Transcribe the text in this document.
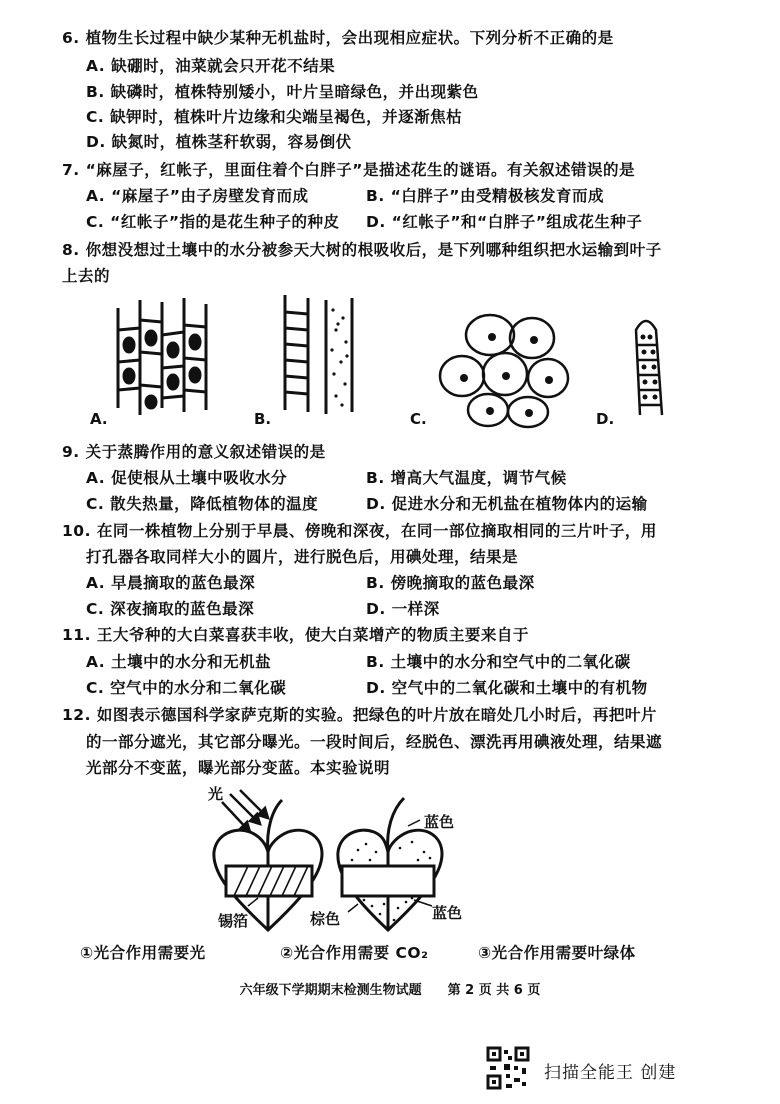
6. 植物生长过程中缺少某种无机盐时，会出现相应症状。下列分析不正确的是
A. 缺硼时，油菜就会只开花不结果
B. 缺磷时，植株特别矮小，叶片呈暗绿色，并出现紫色
C. 缺钾时，植株叶片边缘和尖端呈褐色，并逐渐焦枯
D. 缺氮时，植株茎秆软弱，容易倒伏
7. “麻屋子，红帐子，里面住着个白胖子”是描述花生的谜语。有关叙述错误的是
A. “麻屋子”由子房壁发育而成	B. “白胖子”由受精极核发育而成
C. “红帐子”指的是花生种子的种皮 D. “红帐子”和“白胖子”组成花生种子
8. 你想没想过土壤中的水分被参天大树的根吸收后，是下列哪种组织把水运输到叶子
上去的
A.	B.	C.	D.
9. 关于蒸腾作用的意义叙述错误的是
A. 促使根从土壤中吸收水分	B. 增高大气温度，调节气候
C. 散失热量，降低植物体的温度	D. 促进水分和无机盐在植物体内的运输
10. 在同一株植物上分别于早晨、傍晚和深夜，在同一部位摘取相同的三片叶子，用
打孔器各取同样大小的圆片，进行脱色后，用碘处理，结果是
A. 早晨摘取的蓝色最深	B. 傍晚摘取的蓝色最深
C. 深夜摘取的蓝色最深	D. 一样深
11. 王大爷种的大白菜喜获丰收，使大白菜增产的物质主要来自于
A. 土壤中的水分和无机盐	B. 土壤中的水分和空气中的二氧化碳
C. 空气中的水分和二氧化碳	D. 空气中的二氧化碳和土壤中的有机物
12. 如图表示德国科学家萨克斯的实验。把绿色的叶片放在暗处几小时后，再把叶片
的一部分遮光，其它部分曝光。一段时间后，经脱色、漂洗再用碘液处理，结果遮
光部分不变蓝，曝光部分变蓝。本实验说明
光
蓝色
锡箔	棕色	蓝色
①光合作用需要光	②光合作用需要 CO₂	③光合作用需要叶绿体
六年级下学期期末检测生物试题　　第 2 页 共 6 页
扫描全能王 创建
